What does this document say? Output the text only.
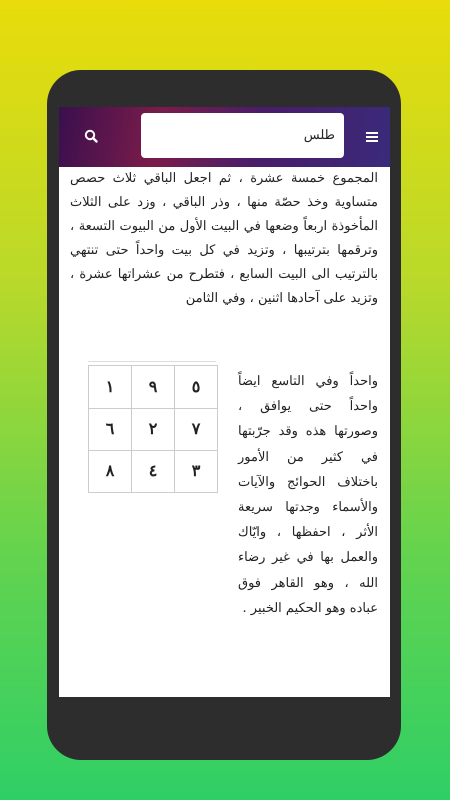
طلس
المجموع خمسة عشرة ، ثم اجعل الباقي ثلاث حصص متساوية وخذ حصّة منها ، وذر الباقي ، وزد على الثلاث المأخوذة اربعاً وضعها في البيت الأول من البيوت التسعة ، وترقمها بترتيبها ، وتزيد في كل بيت واحداً حتى تنتهي بالترتيب الى البيت السابع ، فتطرح من عشراتها عشرة ، وتزيد على آحادها اثنين ، وفي الثامن
٥
٩
١
٧
٢
٦
٣
٤
٨
واحداً وفي التاسع ايضاً واحداً حتى يوافق ، وصورتها هذه وقد جرّبتها في كثير من الأمور باختلاف الحوائج والآيات والأسماء وجدتها سريعة الأثر ، احفظها ، وايّاك والعمل بها في غير رضاء الله ، وهو القاهر فوق عباده وهو الحكيم الخبير .
